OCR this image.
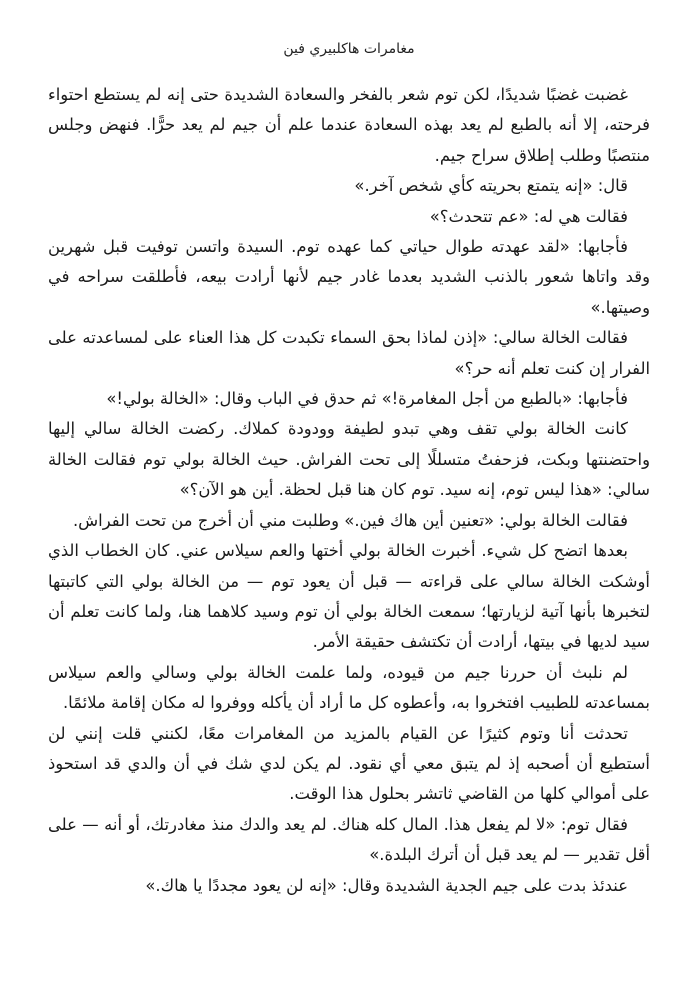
مغامرات هاكلبيري فين

غضبت غضبًا شديدًا، لكن توم شعر بالفخر والسعادة الشديدة حتى إنه لم يستطع احتواء فرحته، إلا أنه بالطبع لم يعد بهذه السعادة عندما علم أن جيم لم يعد حرًّا. فنهض وجلس منتصبًا وطلب إطلاق سراح جيم.

قال: «إنه يتمتع بحريته كأي شخص آخر.»

فقالت هي له: «عم تتحدث؟»

فأجابها: «لقد عهدته طوال حياتي كما عهده توم. السيدة واتسن توفيت قبل شهرين وقد واتاها شعور بالذنب الشديد بعدما غادر جيم لأنها أرادت بيعه، فأطلقت سراحه في وصيتها.»

فقالت الخالة سالي: «إذن لماذا بحق السماء تكبدت كل هذا العناء على لمساعدته على الفرار إن كنت تعلم أنه حر؟»

فأجابها: «بالطبع من أجل المغامرة!» ثم حدق في الباب وقال: «الخالة بولي!»

كانت الخالة بولي تقف وهي تبدو لطيفة وودودة كملاك. ركضت الخالة سالي إليها واحتضنتها وبكت، فزحفتُ متسللًا إلى تحت الفراش. حيث الخالة بولي توم فقالت الخالة سالي: «هذا ليس توم، إنه سيد. توم كان هنا قبل لحظة. أين هو الآن؟»

فقالت الخالة بولي: «تعنين أين هاك فين.» وطلبت مني أن أخرج من تحت الفراش.

بعدها اتضح كل شيء. أخبرت الخالة بولي أختها والعم سيلاس عني. كان الخطاب الذي أوشكت الخالة سالي على قراءته — قبل أن يعود توم — من الخالة بولي التي كاتبتها لتخبرها بأنها آتية لزيارتها؛ سمعت الخالة بولي أن توم وسيد كلاهما هنا، ولما كانت تعلم أن سيد لديها في بيتها، أرادت أن تكتشف حقيقة الأمر.

لم نلبث أن حررنا جيم من قيوده، ولما علمت الخالة بولي وسالي والعم سيلاس بمساعدته للطبيب افتخروا به، وأعطوه كل ما أراد أن يأكله ووفروا له مكان إقامة ملائمًا.

تحدثت أنا وتوم كثيرًا عن القيام بالمزيد من المغامرات معًا، لكنني قلت إنني لن أستطيع أن أصحبه إذ لم يتبق معي أي نقود. لم يكن لدي شك في أن والدي قد استحوذ على أموالي كلها من القاضي ثاتشر بحلول هذا الوقت.

فقال توم: «لا لم يفعل هذا. المال كله هناك. لم يعد والدك منذ مغادرتك، أو أنه — على أقل تقدير — لم يعد قبل أن أترك البلدة.»

عندئذ بدت على جيم الجدية الشديدة وقال: «إنه لن يعود مجددًا يا هاك.»
